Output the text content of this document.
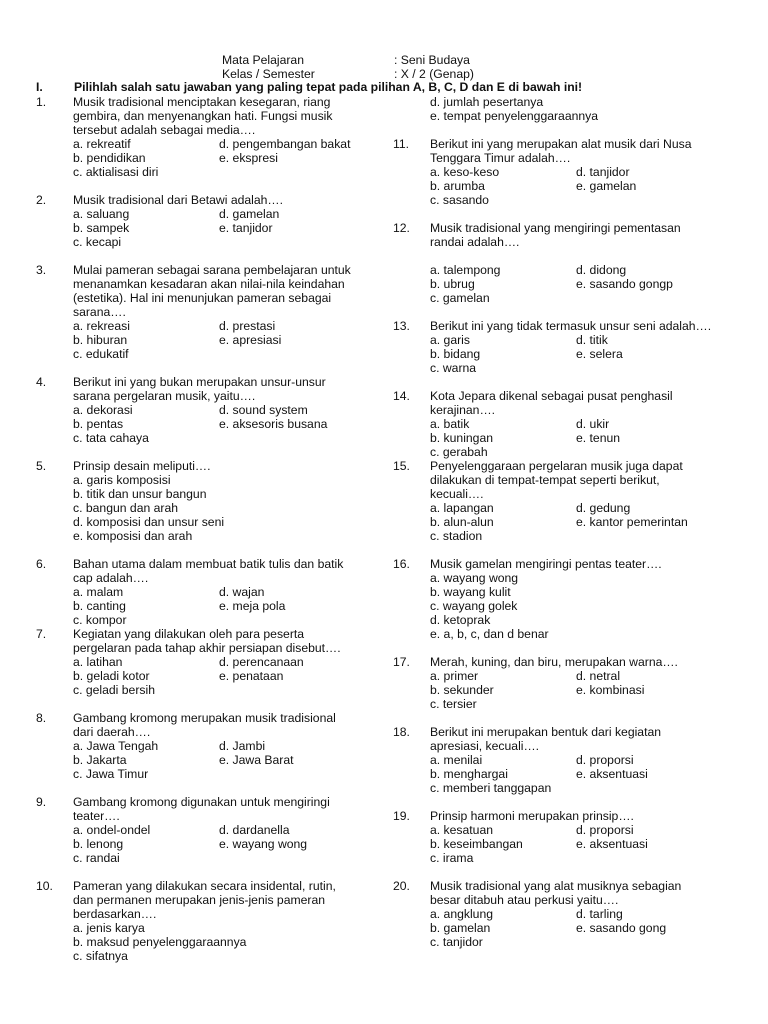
Mata Pelajaran	: Seni Budaya
Kelas / Semester	: X / 2 (Genap)
I.	Pilihlah salah satu jawaban yang paling tepat pada pilihan A, B, C, D dan E di bawah ini!
1. Musik tradisional menciptakan kesegaran, riang
gembira, dan menyenangkan hati. Fungsi musik
tersebut adalah sebagai media….
a. rekreatif	d. pengembangan bakat
b. pendidikan	e. ekspresi
c. aktialisasi diri
2. Musik tradisional dari Betawi adalah….
a. saluang	d. gamelan
b. sampek	e. tanjidor
c. kecapi
3. Mulai pameran sebagai sarana pembelajaran untuk
menanamkan kesadaran akan nilai-nila keindahan
(estetika). Hal ini menunjukan pameran sebagai
sarana….
a. rekreasi	d. prestasi
b. hiburan	e. apresiasi
c. edukatif
4. Berikut ini yang bukan merupakan unsur-unsur
sarana pergelaran musik, yaitu….
a. dekorasi	d. sound system
b. pentas	e. aksesoris busana
c. tata cahaya
5. Prinsip desain meliputi….
a. garis komposisi
b. titik dan unsur bangun
c. bangun dan arah
d. komposisi dan unsur seni
e. komposisi dan arah
6. Bahan utama dalam membuat batik tulis dan batik
cap adalah….
a. malam	d. wajan
b. canting	e. meja pola
c. kompor
7. Kegiatan yang dilakukan oleh para peserta
pergelaran pada tahap akhir persiapan disebut….
a. latihan	d. perencanaan
b. geladi kotor	e. penataan
c. geladi bersih
8. Gambang kromong merupakan musik tradisional
dari daerah….
a. Jawa Tengah	d. Jambi
b. Jakarta	e. Jawa Barat
c. Jawa Timur
9. Gambang kromong digunakan untuk mengiringi
teater….
a. ondel-ondel	d. dardanella
b. lenong	e. wayang wong
c. randai
10. Pameran yang dilakukan secara insidental, rutin,
dan permanen merupakan jenis-jenis pameran
berdasarkan….
a. jenis karya
b. maksud penyelenggaraannya
c. sifatnya
d. jumlah pesertanya
e. tempat penyelenggaraannya
11. Berikut ini yang merupakan alat musik dari Nusa
Tenggara Timur adalah….
a. keso-keso	d. tanjidor
b. arumba	e. gamelan
c. sasando
12. Musik tradisional yang mengiringi pementasan
randai adalah….
a. talempong	d. didong
b. ubrug	e. sasando gongp
c. gamelan
13. Berikut ini yang tidak termasuk unsur seni adalah….
a. garis	d. titik
b. bidang	e. selera
c. warna
14. Kota Jepara dikenal sebagai pusat penghasil
kerajinan….
a. batik	d. ukir
b. kuningan	e. tenun
c. gerabah
15. Penyelenggaraan pergelaran musik juga dapat
dilakukan di tempat-tempat seperti berikut,
kecuali….
a. lapangan	d. gedung
b. alun-alun	e. kantor pemerintan
c. stadion
16. Musik gamelan mengiringi pentas teater….
a. wayang wong
b. wayang kulit
c. wayang golek
d. ketoprak
e. a, b, c, dan d benar
17. Merah, kuning, dan biru, merupakan warna….
a. primer	d. netral
b. sekunder	e. kombinasi
c. tersier
18. Berikut ini merupakan bentuk dari kegiatan
apresiasi, kecuali….
a. menilai	d. proporsi
b. menghargai	e. aksentuasi
c. memberi tanggapan
19. Prinsip harmoni merupakan prinsip….
a. kesatuan	d. proporsi
b. keseimbangan	e. aksentuasi
c. irama
20. Musik tradisional yang alat musiknya sebagian
besar ditabuh atau perkusi yaitu….
a. angklung	d. tarling
b. gamelan	e. sasando gong
c. tanjidor
